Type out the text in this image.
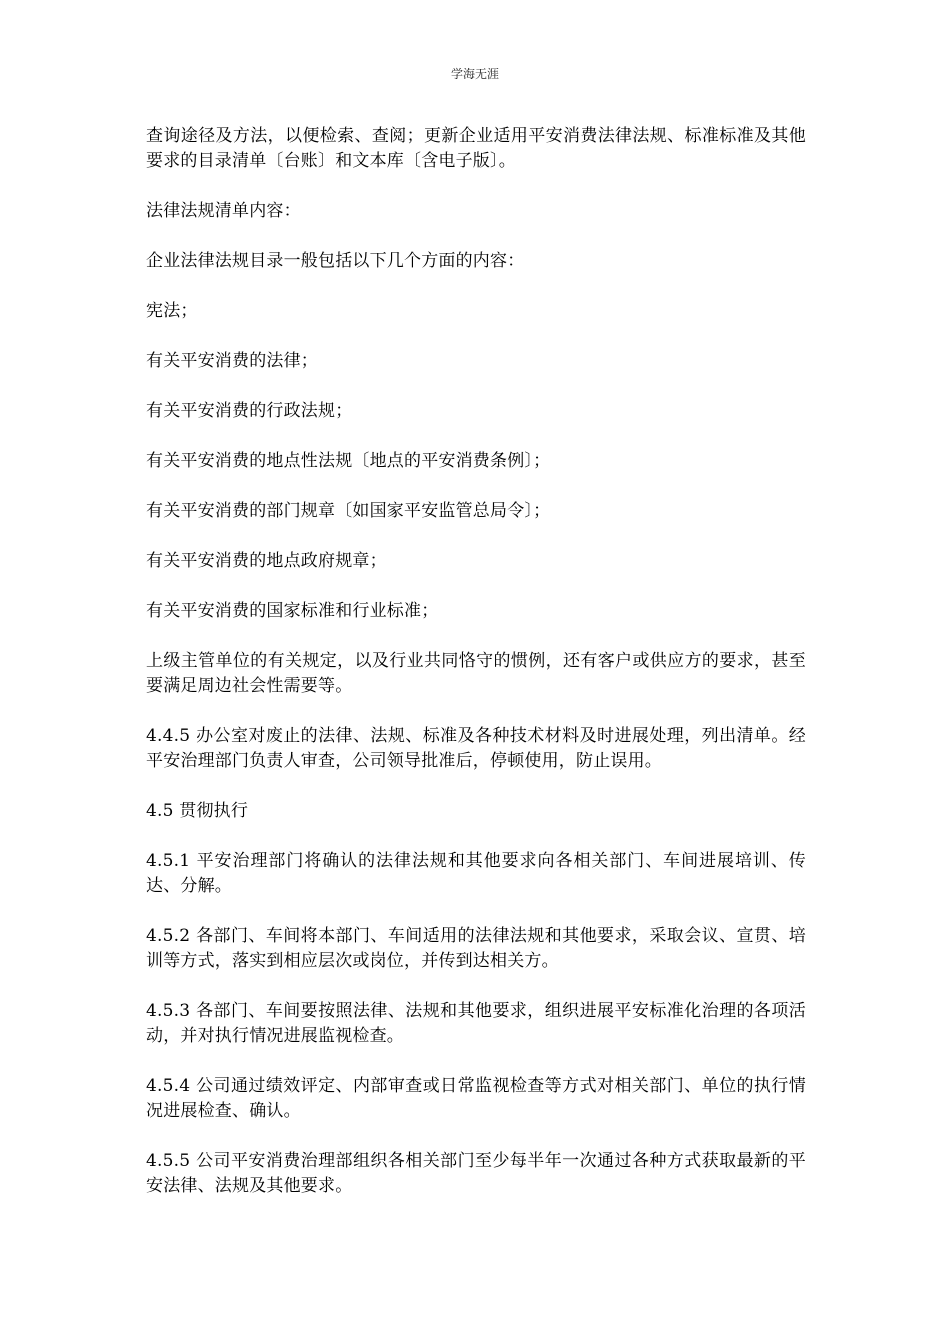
学海无涯

查询途径及方法，以便检索、查阅；更新企业适用平安消费法律法规、标准标准及其他要求的目录清单〔台账〕和文本库〔含电子版〕。

法律法规清单内容：

企业法律法规目录一般包括以下几个方面的内容：

宪法；

有关平安消费的法律；

有关平安消费的行政法规；

有关平安消费的地点性法规〔地点的平安消费条例〕；

有关平安消费的部门规章〔如国家平安监管总局令〕；

有关平安消费的地点政府规章；

有关平安消费的国家标准和行业标准；

上级主管单位的有关规定，以及行业共同恪守的惯例，还有客户或供应方的要求，甚至要满足周边社会性需要等。

4.4.5 办公室对废止的法律、法规、标准及各种技术材料及时进展处理，列出清单。经平安治理部门负责人审查，公司领导批准后，停顿使用，防止误用。

4.5 贯彻执行

4.5.1 平安治理部门将确认的法律法规和其他要求向各相关部门、车间进展培训、传达、分解。

4.5.2 各部门、车间将本部门、车间适用的法律法规和其他要求，采取会议、宣贯、培训等方式，落实到相应层次或岗位，并传到达相关方。

4.5.3 各部门、车间要按照法律、法规和其他要求，组织进展平安标准化治理的各项活动，并对执行情况进展监视检查。

4.5.4 公司通过绩效评定、内部审查或日常监视检查等方式对相关部门、单位的执行情况进展检查、确认。

4.5.5 公司平安消费治理部组织各相关部门至少每半年一次通过各种方式获取最新的平安法律、法规及其他要求。
